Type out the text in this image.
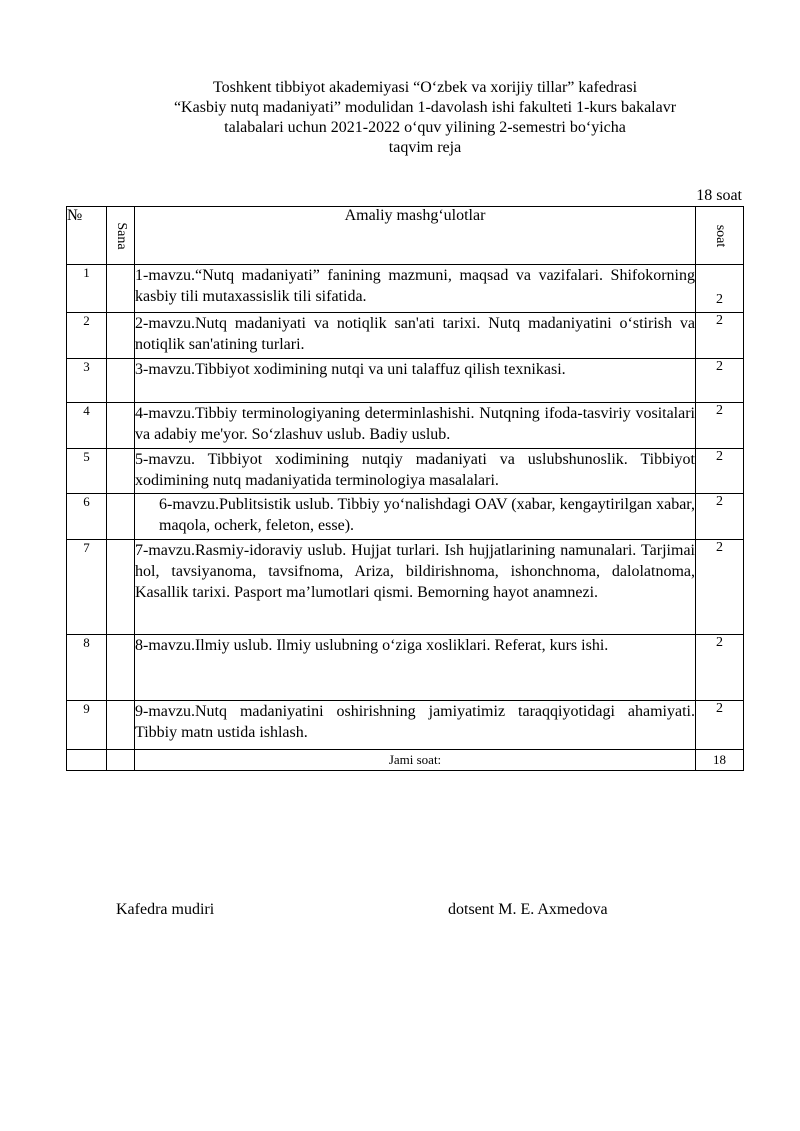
Toshkent tibbiyot akademiyasi “O‘zbek va xorijiy tillar” kafedrasi
“Kasbiy nutq madaniyati” modulidan 1-davolash ishi fakulteti 1-kurs bakalavr
talabalari uchun 2021-2022 o‘quv yilining 2-semestri bo‘yicha
taqvim reja
18 soat
№	Sana	Amaliy mashg‘ulotlar	soat

1		1-mavzu.“Nutq madaniyati” fanining mazmuni, maqsad va vazifalari. Shifokorning kasbiy tili mutaxassislik tili sifatida.	2
2		2-mavzu.Nutq madaniyati va notiqlik san'ati tarixi. Nutq madaniyatini o‘stirish va notiqlik san'atining turlari.	2
3		3-mavzu.Tibbiyot xodimining nutqi va uni talaffuz qilish texnikasi.	2
4		4-mavzu.Tibbiy terminologiyaning determinlashishi. Nutqning ifoda-tasviriy vositalari va adabiy me'yor. So‘zlashuv uslub. Badiy uslub.	2
5		5-mavzu. Tibbiyot xodimining nutqiy madaniyati va uslubshunoslik. Tibbiyot xodimining nutq madaniyatida terminologiya masalalari.	2
6		6-mavzu.Publitsistik uslub. Tibbiy yo‘nalishdagi OAV (xabar, kengaytirilgan xabar, maqola, ocherk, feleton, esse).	2
7		7-mavzu.Rasmiy-idoraviy uslub. Hujjat turlari. Ish hujjatlarining namunalari. Tarjimai hol, tavsiyanoma, tavsifnoma, Ariza, bildirishnoma, ishonchnoma, dalolatnoma, Kasallik tarixi. Pasport ma’lumotlari qismi. Bemorning hayot anamnezi.	2
8		8-mavzu.Ilmiy uslub. Ilmiy uslubning o‘ziga xosliklari. Referat, kurs ishi.	2
9		9-mavzu.Nutq madaniyatini oshirishning jamiyatimiz taraqqiyotidagi ahamiyati. Tibbiy matn ustida ishlash.	2
		Jami soat:	18
Kafedra mudiri	dotsent M. E. Axmedova
